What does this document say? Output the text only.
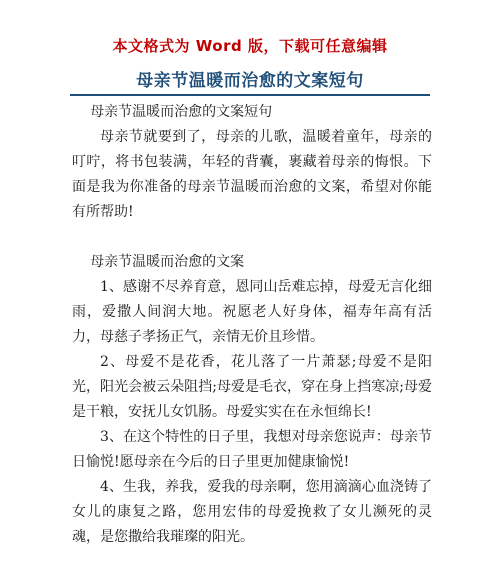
本文格式为 Word 版，下载可任意编辑
母亲节温暖而治愈的文案短句

母亲节温暖而治愈的文案短句

母亲节就要到了，母亲的儿歌，温暖着童年，母亲的叮咛，将书包装满，年轻的背囊，裹藏着母亲的悔恨。下面是我为你准备的母亲节温暖而治愈的文案，希望对你能有所帮助!

母亲节温暖而治愈的文案

1、感谢不尽养育意，恩同山岳难忘掉，母爱无言化细雨，爱撒人间润大地。祝愿老人好身体，福寿年高有活力，母慈子孝扬正气，亲情无价且珍惜。

2、母爱不是花香，花儿落了一片萧瑟;母爱不是阳光，阳光会被云朵阻挡;母爱是毛衣，穿在身上挡寒凉;母爱是干粮，安抚儿女饥肠。母爱实实在在永恒绵长!

3、在这个特性的日子里，我想对母亲您说声：母亲节日愉悦!愿母亲在今后的日子里更加健康愉悦!

4、生我，养我，爱我的母亲啊，您用滴滴心血浇铸了女儿的康复之路，您用宏伟的母爱挽救了女儿濒死的灵魂，是您撒给我璀璨的阳光。
